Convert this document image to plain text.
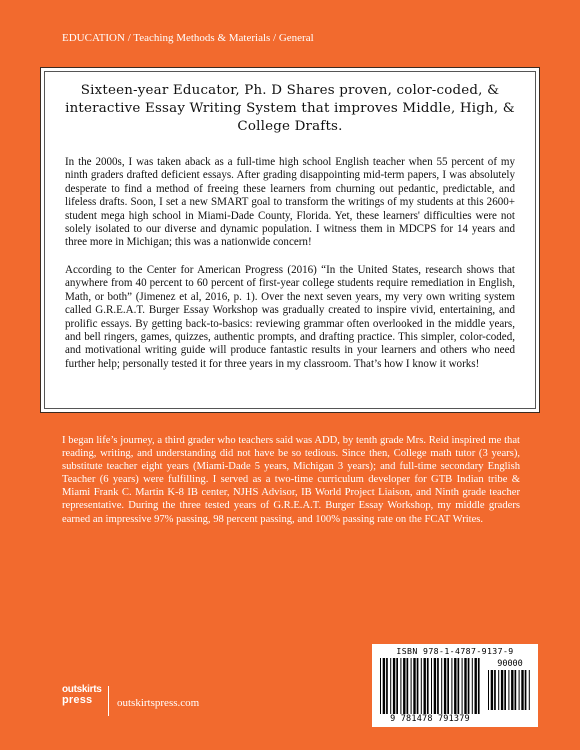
EDUCATION / Teaching Methods & Materials / General
Sixteen-year Educator, Ph. D Shares proven, color-coded, & interactive Essay Writing System that improves Middle, High, & College Drafts.
In the 2000s, I was taken aback as a full-time high school English teacher when 55 percent of my ninth graders drafted deficient essays. After grading disappointing mid-term papers, I was absolutely desperate to find a method of freeing these learners from churning out pedantic, predictable, and lifeless drafts. Soon, I set a new SMART goal to transform the writings of my students at this 2600+ student mega high school in Miami-Dade County, Florida. Yet, these learners' difficulties were not solely isolated to our diverse and dynamic population. I witness them in MDCPS for 14 years and three more in Michigan; this was a nationwide concern!
According to the Center for American Progress (2016) “In the United States, research shows that anywhere from 40 percent to 60 percent of first-year college students require remediation in English, Math, or both” (Jimenez et al, 2016, p. 1). Over the next seven years, my very own writing system called G.R.E.A.T. Burger Essay Workshop was gradually created to inspire vivid, entertaining, and prolific essays. By getting back-to-basics: reviewing grammar often overlooked in the middle years, and bell ringers, games, quizzes, authentic prompts, and drafting practice. This simpler, color-coded, and motivational writing guide will produce fantastic results in your learners and others who need further help; personally tested it for three years in my classroom. That’s how I know it works!
I began life’s journey, a third grader who teachers said was ADD, by tenth grade Mrs. Reid inspired me that reading, writing, and understanding did not have be so tedious. Since then, College math tutor (3 years), substitute teacher eight years (Miami-Dade 5 years, Michigan 3 years); and full-time secondary English Teacher (6 years) were fulfilling. I served as a two-time curriculum developer for GTB Indian tribe & Miami Frank C. Martin K-8 IB center, NJHS Advisor, IB World Project Liaison, and Ninth grade teacher representative. During the three tested years of G.R.E.A.T. Burger Essay Workshop, my middle graders earned an impressive 97% passing, 98 percent passing, and 100% passing rate on the FCAT Writes.
ISBN 978-1-4787-9137-9
90000
9 781478 791379
outskirts
press	outskirtspress.com
